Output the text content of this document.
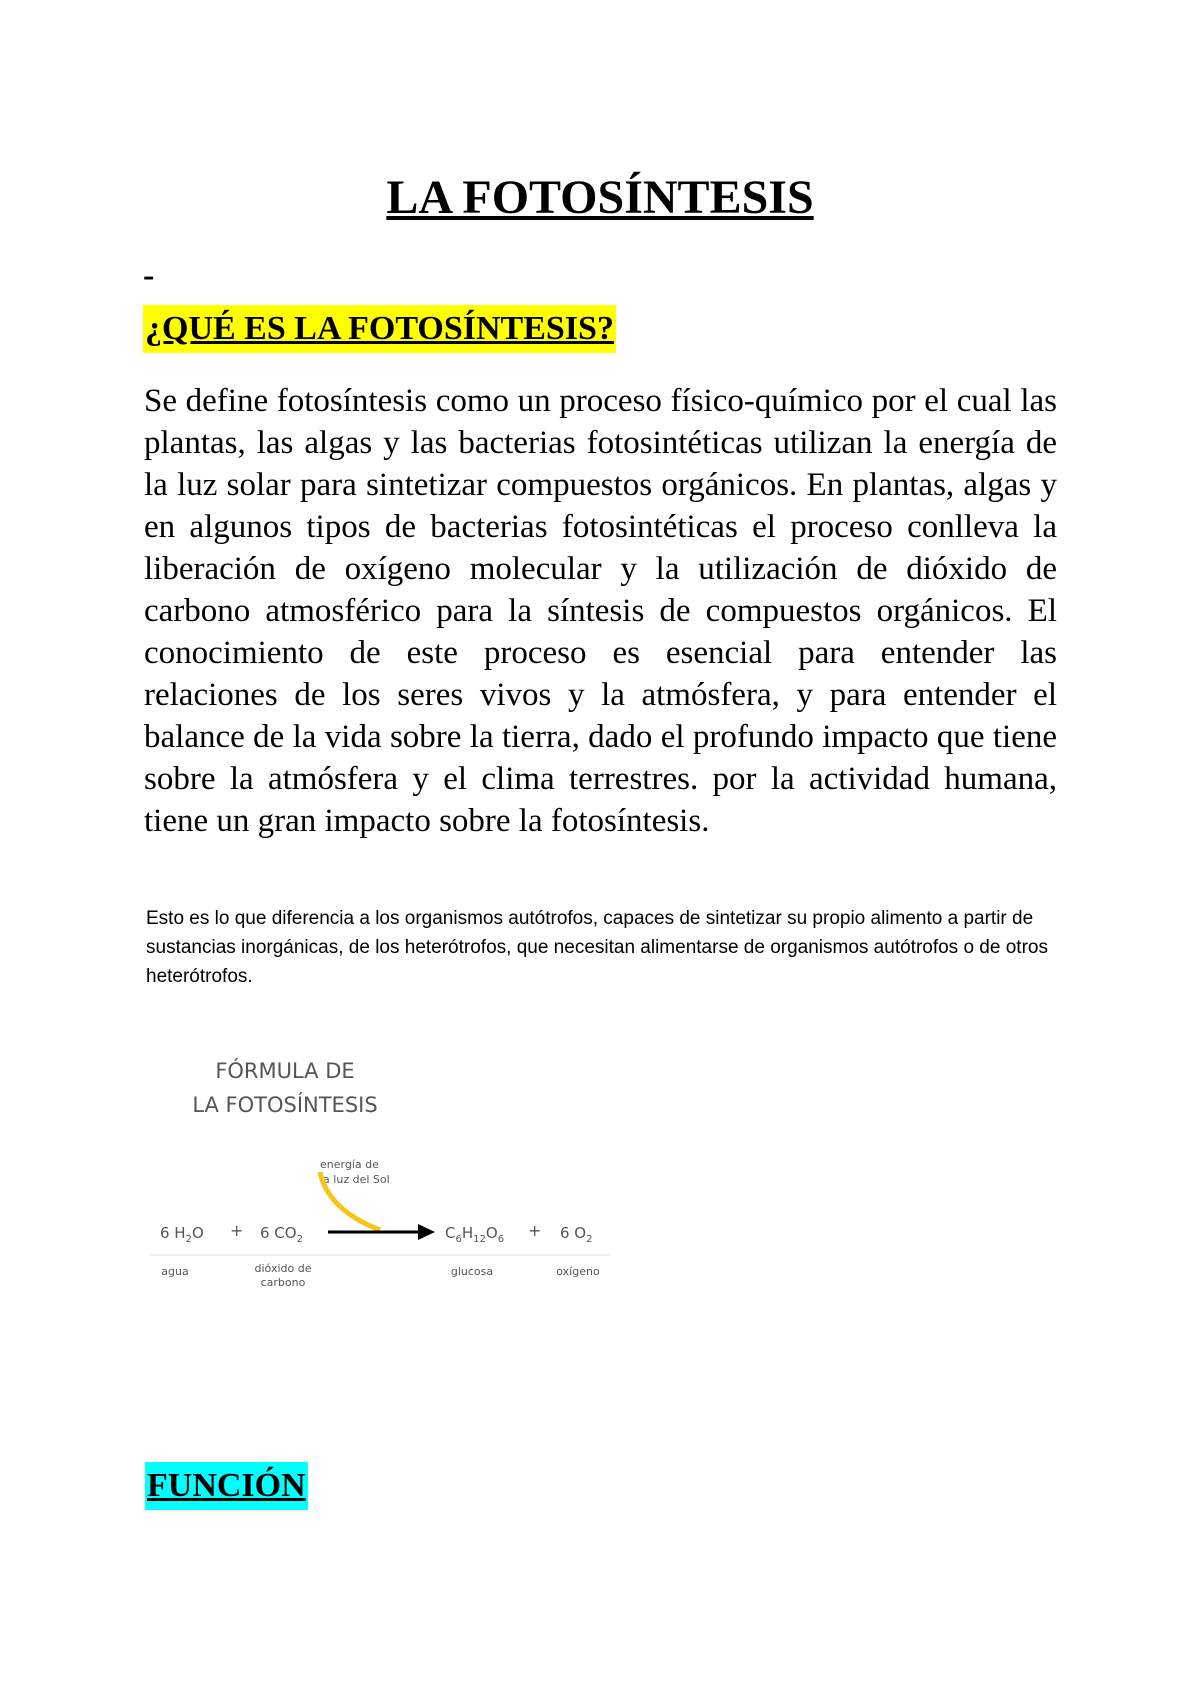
LA FOTOSÍNTESIS
-
¿QUÉ ES LA FOTOSÍNTESIS?

Se define fotosíntesis como un proceso físico-químico por el cual las plantas, las algas y las bacterias fotosintéticas utilizan la energía de la luz solar para sintetizar compuestos orgánicos. En plantas, algas y en algunos tipos de bacterias fotosintéticas el proceso conlleva la liberación de oxígeno molecular y la utilización de dióxido de carbono atmosférico para la síntesis de compuestos orgánicos. El conocimiento de este proceso es esencial para entender las relaciones de los seres vivos y la atmósfera, y para entender el balance de la vida sobre la tierra, dado el profundo impacto que tiene sobre la atmósfera y el clima terrestres. por la actividad humana, tiene un gran impacto sobre la fotosíntesis.

Esto es lo que diferencia a los organismos autótrofos, capaces de sintetizar su propio alimento a partir de sustancias inorgánicas, de los heterótrofos, que necesitan alimentarse de organismos autótrofos o de otros heterótrofos.

FÓRMULA DE
LA FOTOSÍNTESIS
energía de
la luz del Sol
6 $H_2O + 6$ $CO_2$	$C_6H_{12}O_6 + 6$ $O_2$
agua	dióxido de
carbono
glucosa	oxígeno
FUNCIÓN
